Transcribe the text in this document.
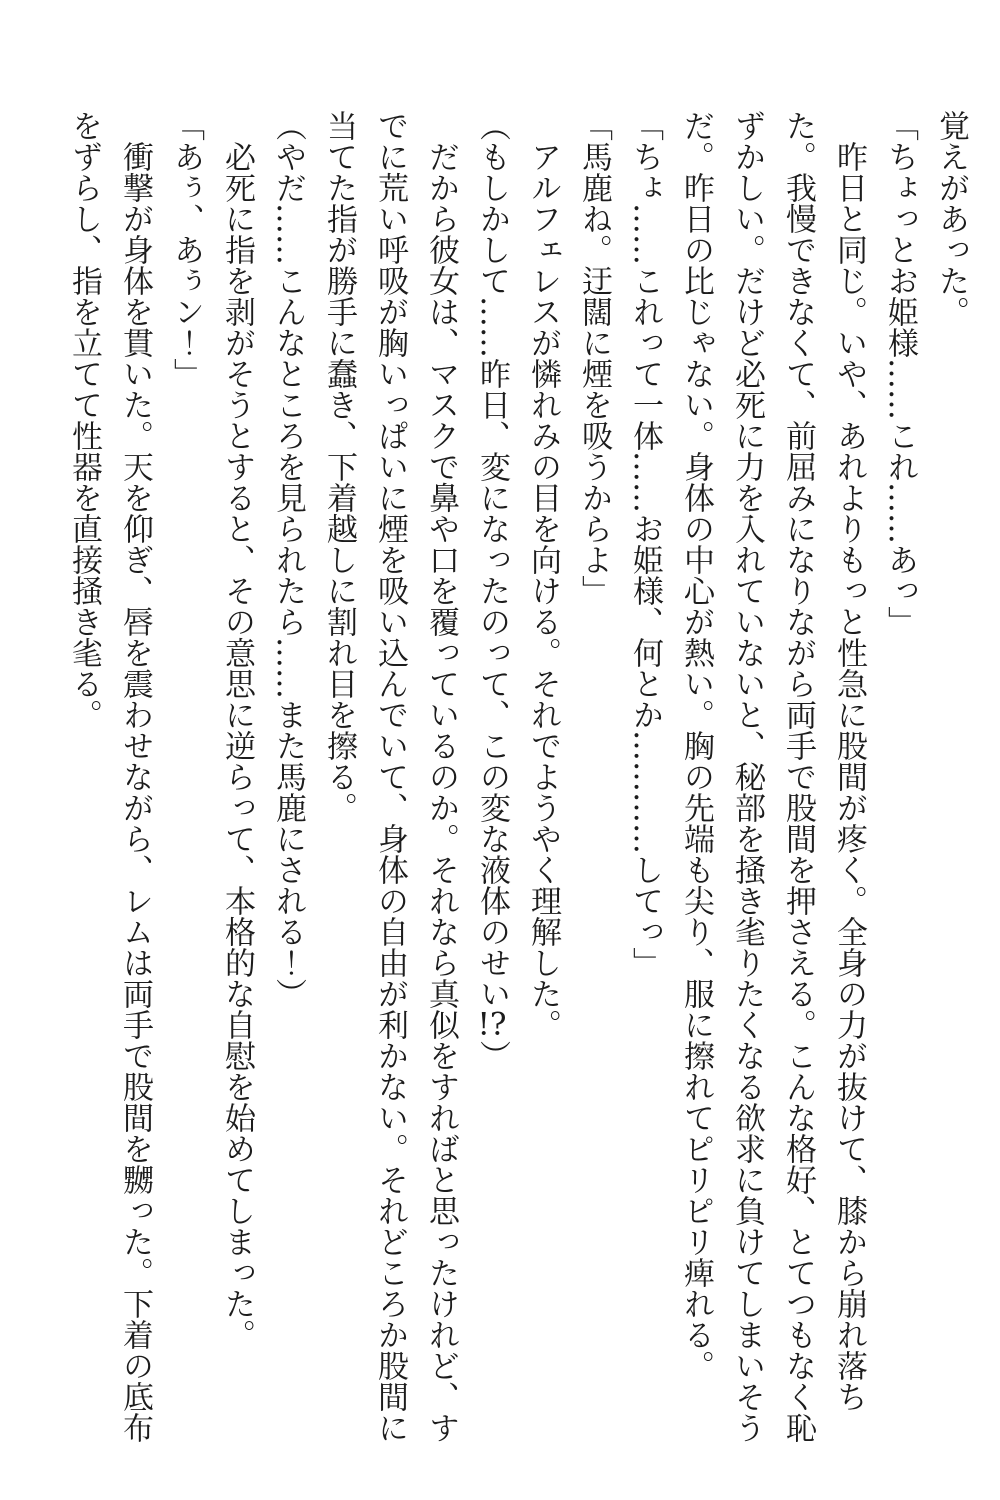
覚えがあった。

「ちょっとお姫様……これ……あっ」

昨日と同じ。いや、あれよりもっと性急に股間が疼く。全身の力が抜けて、膝から崩れ落ちた。我慢できなくて、前屈みになりながら両手で股間を押さえる。こんな格好、とてつもなく恥ずかしい。だけど必死に力を入れていないと、秘部を掻き毟りたくなる欲求に負けてしまいそうだ。昨日の比じゃない。身体の中心が熱い。胸の先端も尖り、服に擦れてピリピリ痺れる。

「ちょ……これって一体……お姫様、何とか…………してっ」

「馬鹿ね。迂闊に煙を吸うからよ」

アルフェレスが憐れみの目を向ける。それでようやく理解した。

（もしかして……昨日、変になったのって、この変な液体のせい!?）

だから彼女は、マスクで鼻や口を覆っているのか。それなら真似をすればと思ったけれど、すでに荒い呼吸が胸いっぱいに煙を吸い込んでいて、身体の自由が利かない。それどころか股間に当てた指が勝手に蠢き、下着越しに割れ目を擦る。

（やだ……こんなところを見られたら……また馬鹿にされる！）

必死に指を剥がそうとすると、その意思に逆らって、本格的な自慰を始めてしまった。

「あぅ、あぅン！」

衝撃が身体を貫いた。天を仰ぎ、唇を震わせながら、レムは両手で股間を嬲った。下着の底布をずらし、指を立てて性器を直接掻き毟る。
